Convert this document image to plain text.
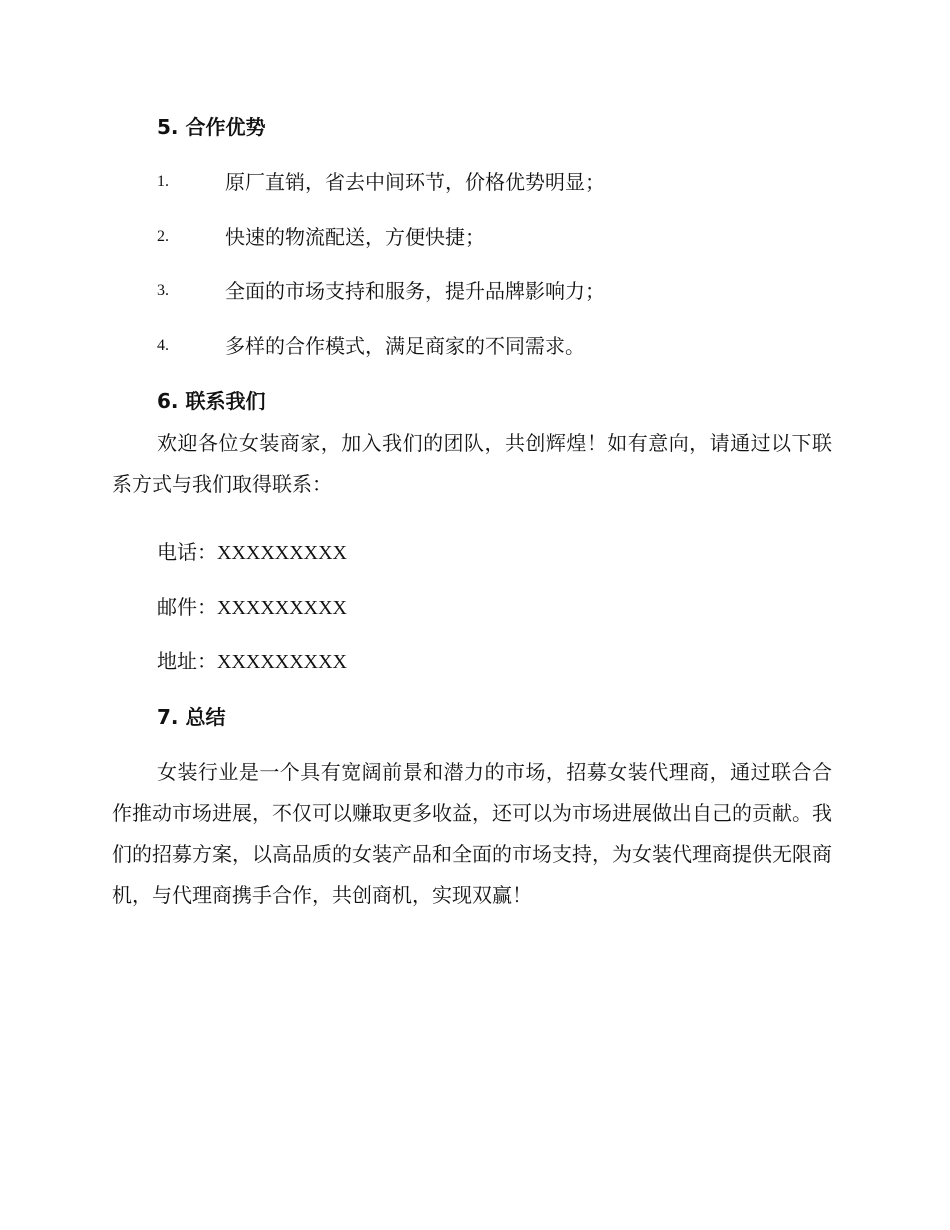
5. 合作优势
1.	原厂直销，省去中间环节，价格优势明显；
2.	快速的物流配送，方便快捷；
3.	全面的市场支持和服务，提升品牌影响力；
4.	多样的合作模式，满足商家的不同需求。
6. 联系我们
欢迎各位女装商家，加入我们的团队，共创辉煌！如有意向，请通过以下联系方式与我们取得联系：
电话：XXXXXXXXX
邮件：XXXXXXXXX
地址：XXXXXXXXX
7. 总结
女装行业是一个具有宽阔前景和潜力的市场，招募女装代理商，通过联合合作推动市场进展，不仅可以赚取更多收益，还可以为市场进展做出自己的贡献。我们的招募方案，以高品质的女装产品和全面的市场支持，为女装代理商提供无限商机，与代理商携手合作，共创商机，实现双赢！
